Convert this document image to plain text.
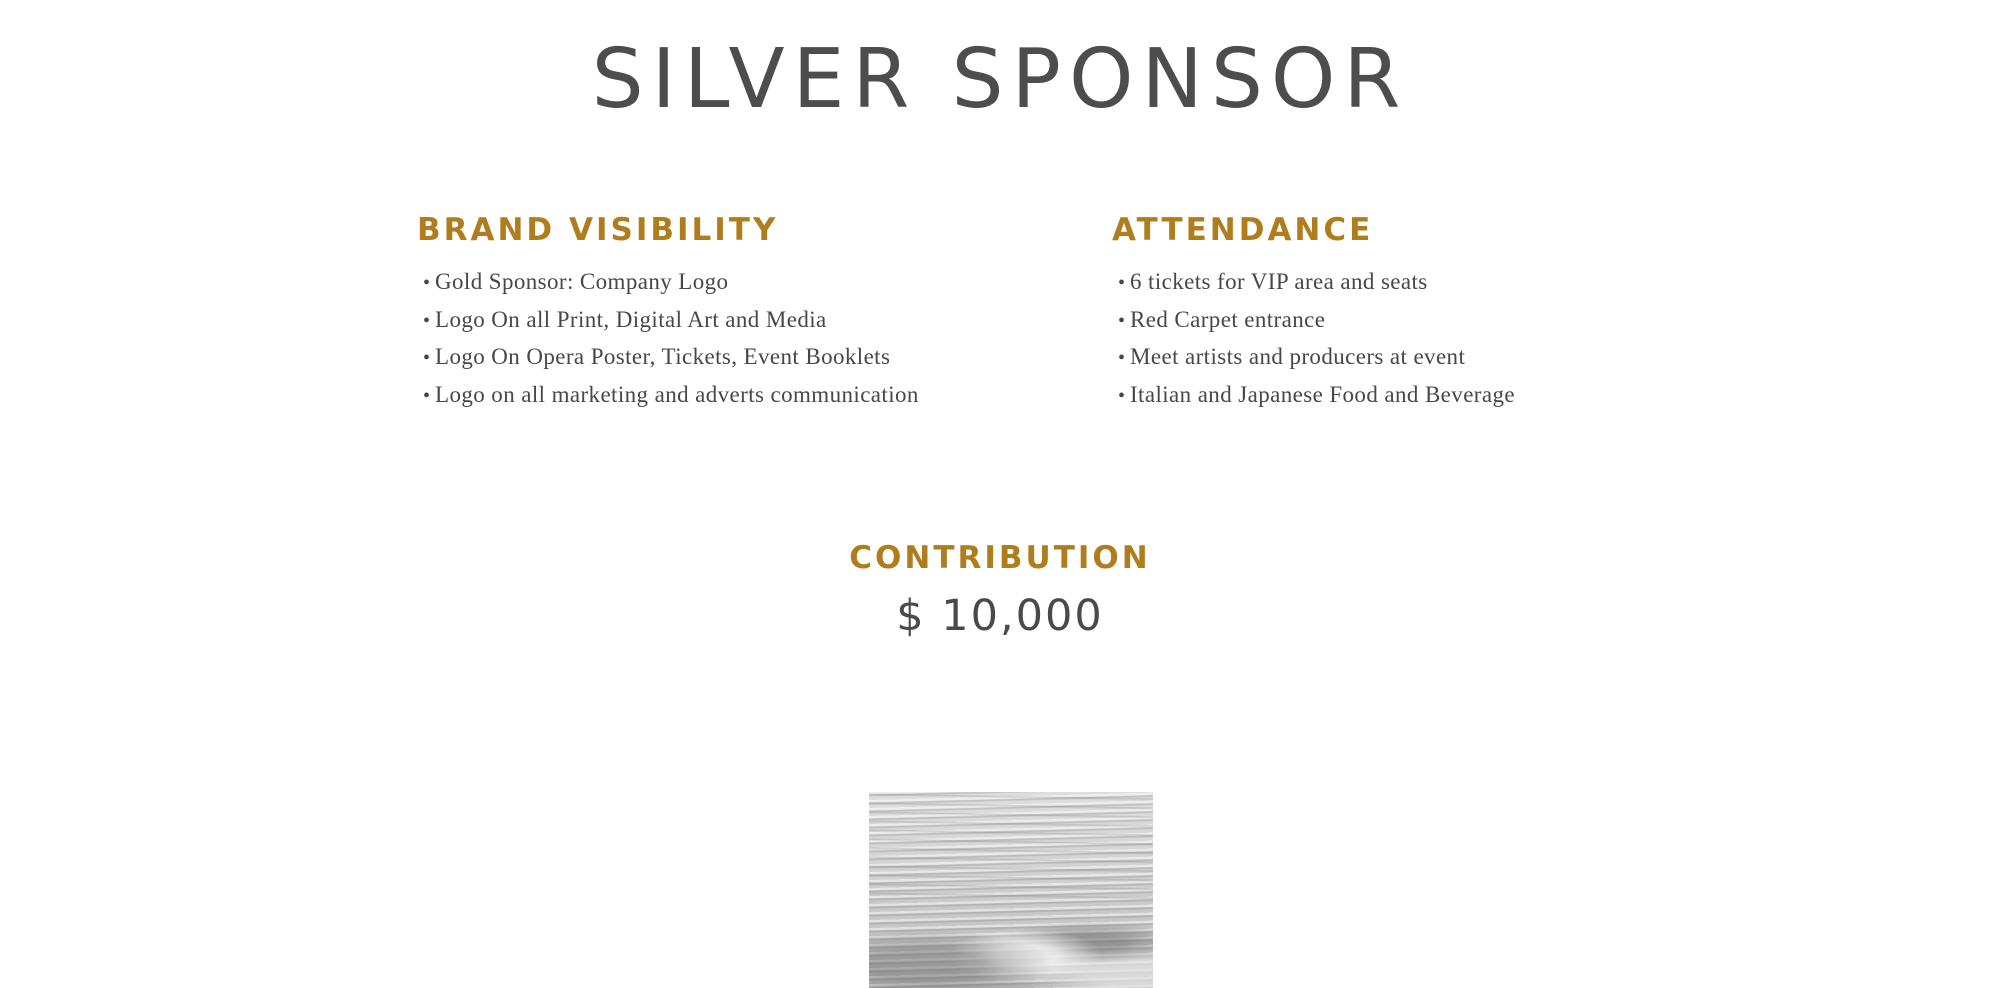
SILVER SPONSOR
BRAND VISIBILITY
• Gold Sponsor: Company Logo
• Logo On all Print, Digital Art and Media
• Logo On Opera Poster, Tickets, Event Booklets
• Logo on all marketing and adverts communication
ATTENDANCE
• 6 tickets for VIP area and seats
• Red Carpet entrance
• Meet artists and producers at event
• Italian and Japanese Food and Beverage
CONTRIBUTION
$ 10,000
